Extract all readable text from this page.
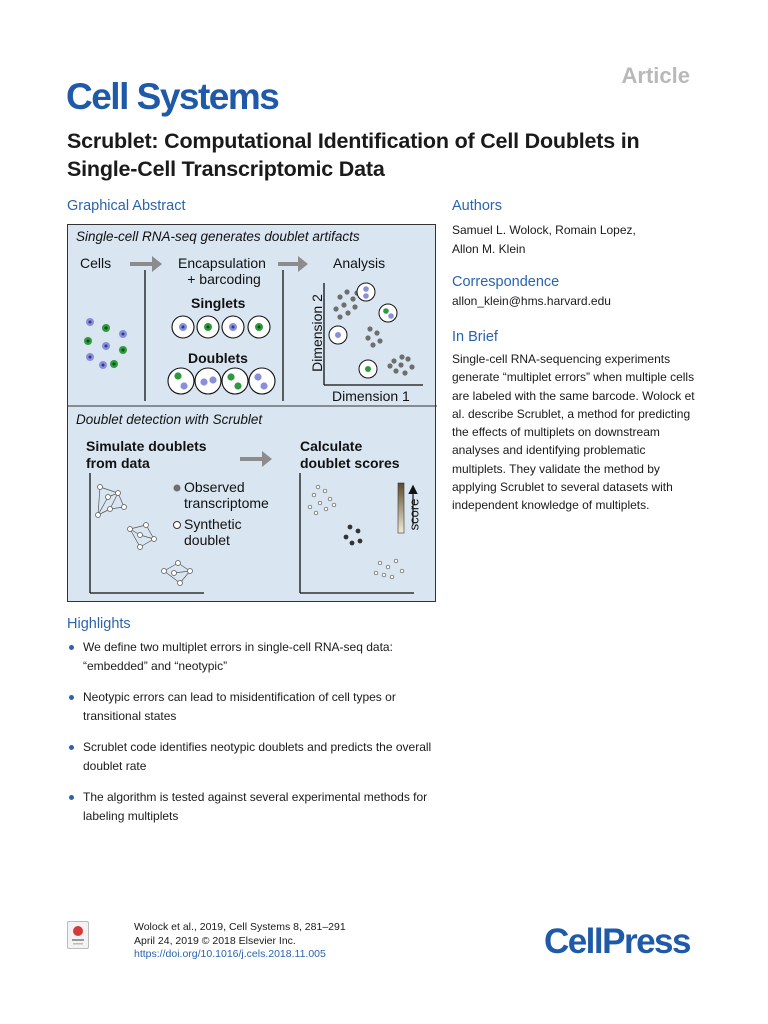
Article
Cell Systems
Scrublet: Computational Identification of Cell Doublets in Single-Cell Transcriptomic Data
Graphical Abstract
Single-cell RNA-seq generates doublet artifacts
Cells	Encapsulation
+ barcoding
Analysis
Singlets
Doublets
Dimension 1
Dimension 2
Doublet detection with Scrublet
Simulate doublets
from data
Calculate
doublet scores
Observed
transcriptome
Synthetic
doublet
score
Authors
Samuel L. Wolock, Romain Lopez,
Allon M. Klein
Correspondence
allon_klein@hms.harvard.edu
In Brief
Single-cell RNA-sequencing experiments generate “multiplet errors” when multiple cells are labeled with the same barcode. Wolock et al. describe Scrublet, a method for predicting the effects of multiplets on downstream analyses and identifying problematic multiplets. They validate the method by applying Scrublet to several datasets with independent knowledge of multiplets.
Highlights
We define two multiplet errors in single-cell RNA-seq data: “embedded” and “neotypic”
Neotypic errors can lead to misidentification of cell types or transitional states
Scrublet code identifies neotypic doublets and predicts the overall doublet rate
The algorithm is tested against several experimental methods for labeling multiplets
Wolock et al., 2019, Cell Systems 8, 281–291
April 24, 2019 © 2018 Elsevier Inc.
https://doi.org/10.1016/j.cels.2018.11.005	CellPress
